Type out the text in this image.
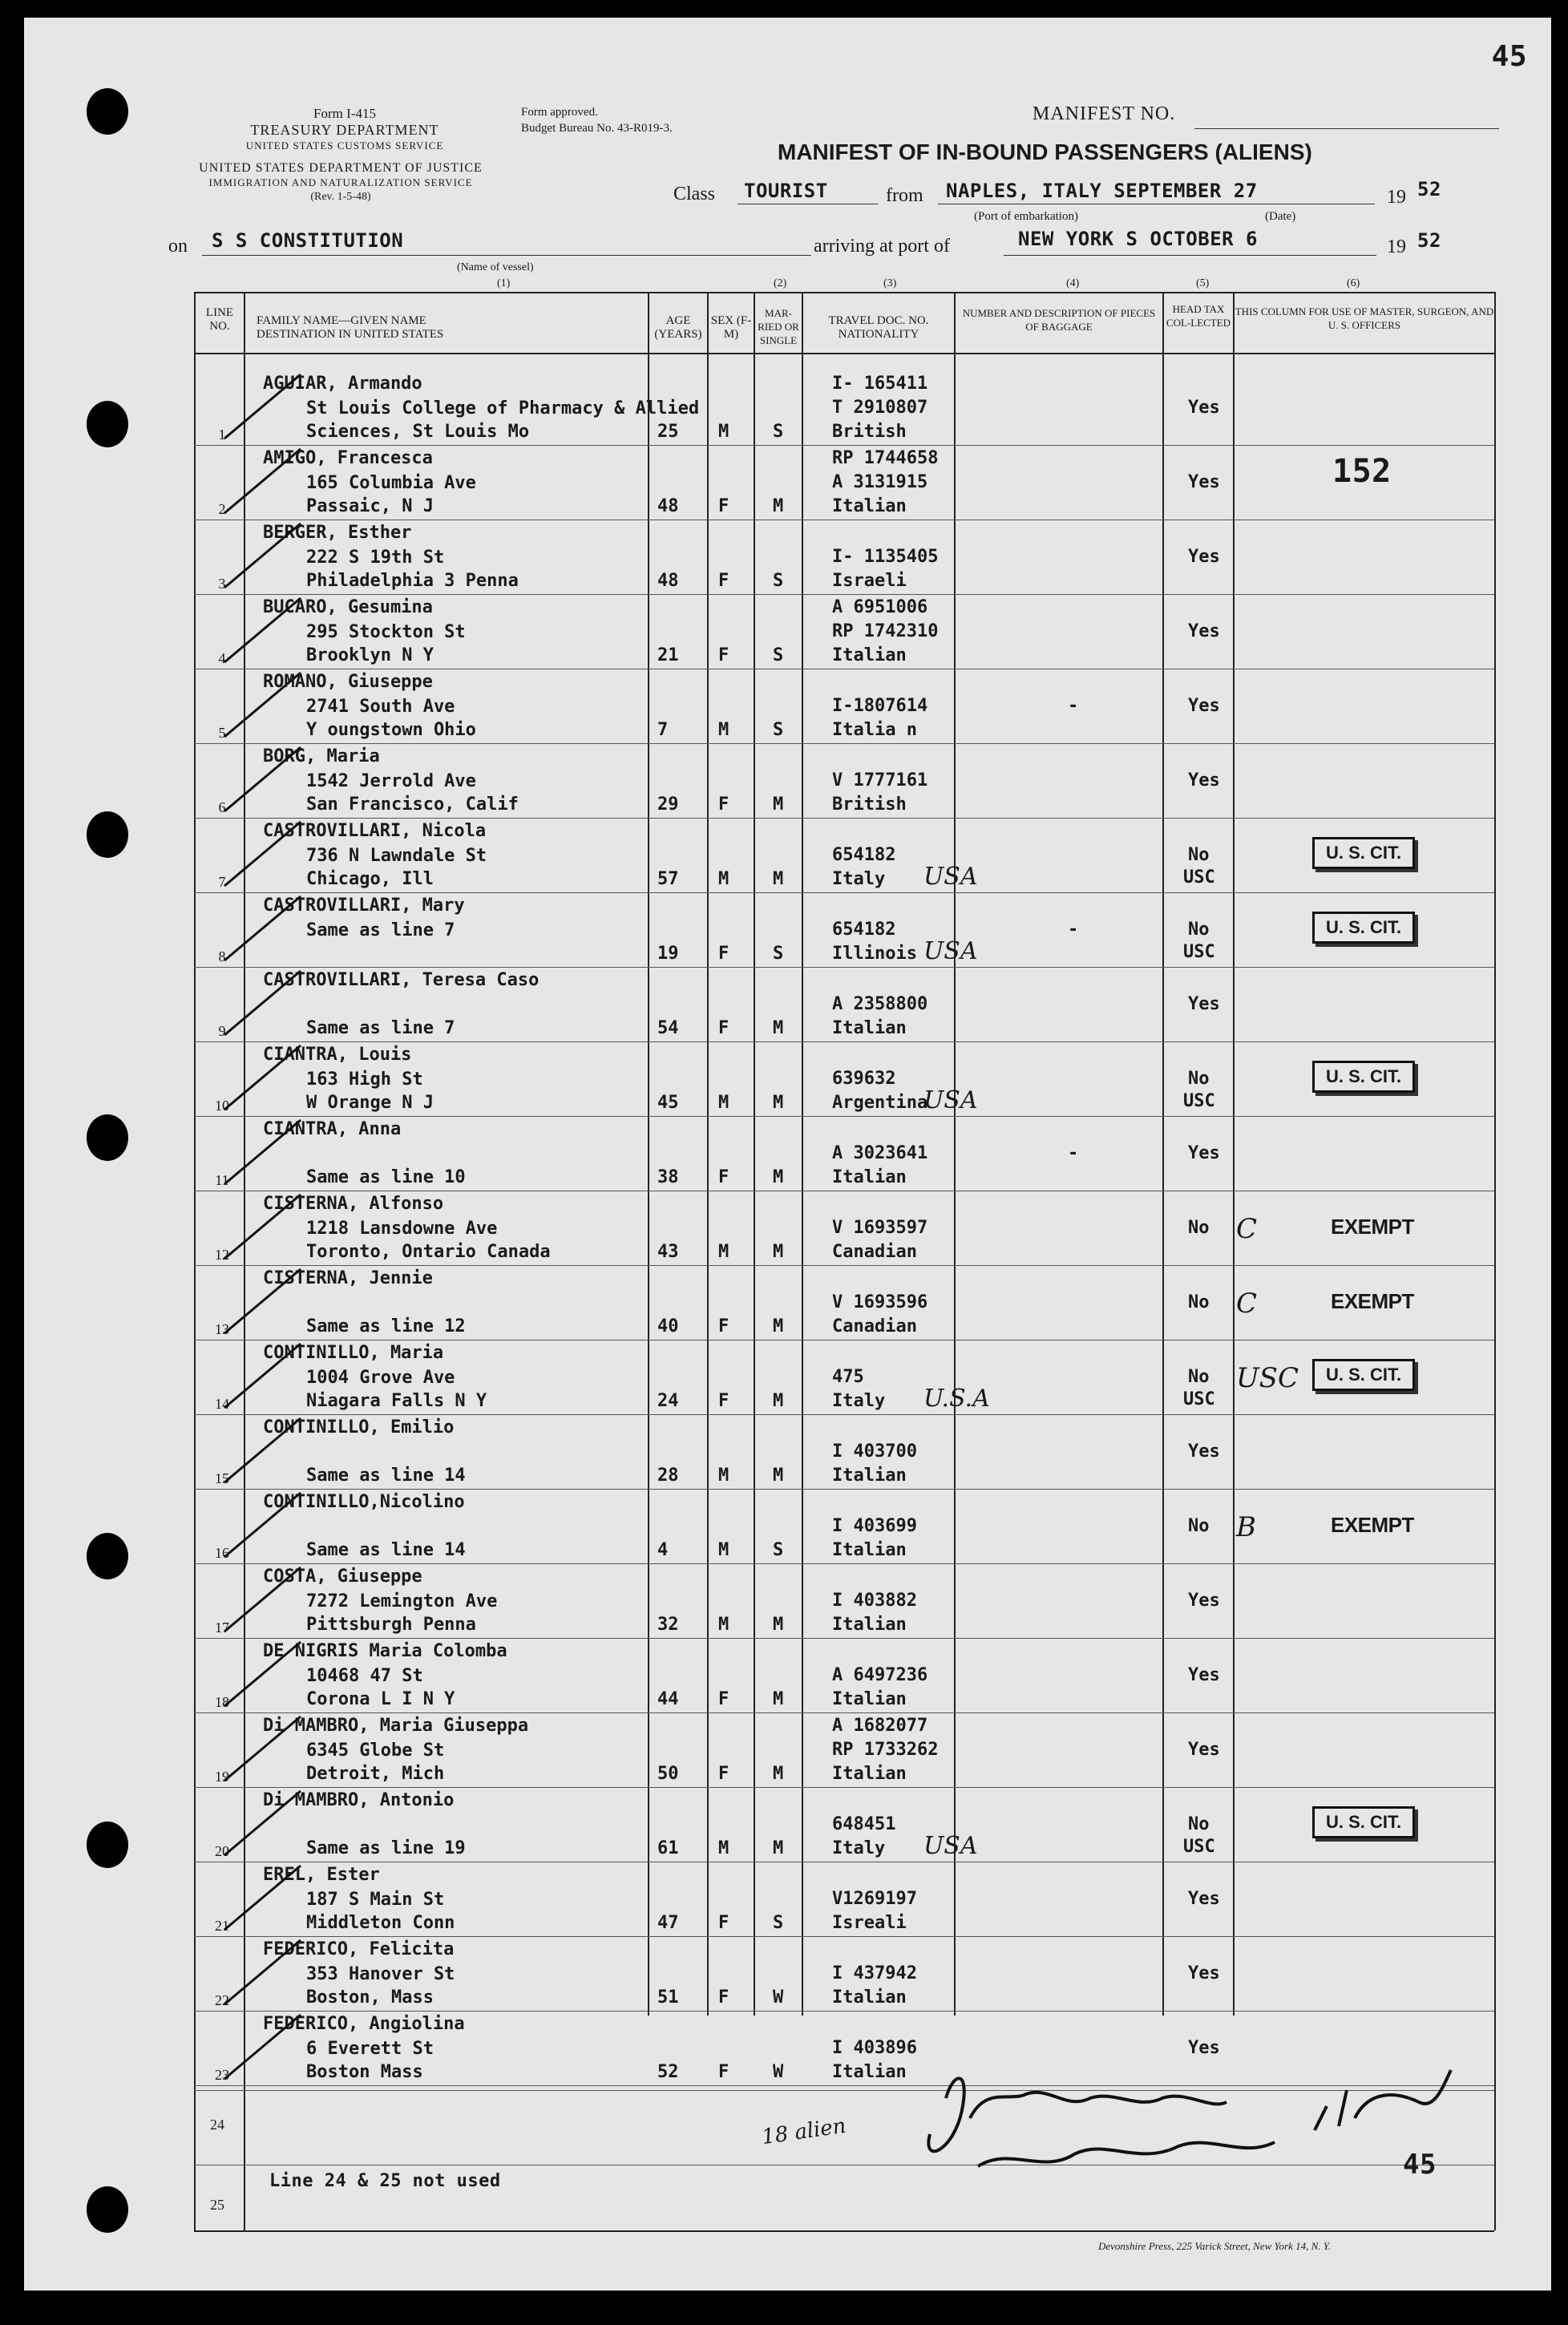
45
Form I-415
TREASURY DEPARTMENT
UNITED STATES CUSTOMS SERVICE
UNITED STATES DEPARTMENT OF JUSTICE
IMMIGRATION AND NATURALIZATION SERVICE
(Rev. 1-5-48)
Form approved.
Budget Bureau No. 43-R019-3.
MANIFEST NO.
MANIFEST OF IN-BOUND PASSENGERS (ALIENS)
Class TOURIST	from NAPLES, ITALY SEPTEMBER 27	19 52
(Port of embarkation)	(Date)
on S S CONSTITUTION	arriving at port of	NEW YORK S OCTOBER 6	19 52
(Name of vessel)
(1)	(2)	(3)	(4)	(5)	(6)
LINE NO.	FAMILY NAME—GIVEN NAME DESTINATION IN UNITED STATES
AGE (YEARS)
SEX (F-M)
MAR-RIED OR SINGLE
TRAVEL DOC. NO. NATIONALITY
NUMBER AND DESCRIPTION OF PIECES OF BAGGAGE
HEAD TAX COL-LECTED
THIS COLUMN FOR USE OF MASTER, SURGEON, AND U. S. OFFICERS
1
AGUIAR, Armando
St Louis College of Pharmacy & Allied
Sciences, St Louis Mo	25 M S
I- 165411
T 2910807
British
Yes
2
AMIGO, Francesca
165 Columbia Ave
Passaic, N J	48 F M
RP 1744658
A 3131915
Italian
Yes	152
3
BERGER, Esther
222 S 19th St
Philadelphia 3 Penna	48 F S
I- 1135405
Israeli
Yes
4
BUCARO, Gesumina
295 Stockton St
Brooklyn N Y	21 F S
A 6951006
RP 1742310
Italian
Yes
5
ROMANO, Giuseppe
2741 South Ave
Y oungstown Ohio	7	M S
I-1807614
Italia n
-	Yes
6
BORG, Maria
1542 Jerrold Ave
San Francisco, Calif	29 F M
V 1777161
British
Yes
7
CASTROVILLARI, Nicola
736 N Lawndale St
Chicago, Ill	57 M M
654182
Italy
No
USC
USA
U. S. CIT.
8
CASTROVILLARI, Mary
Same as line 7
19 F S
654182
Illinois
-	No
USC
USA
U. S. CIT.
9
CASTROVILLARI, Teresa Caso
Same as line 7	54 F M
A 2358800
Italian
Yes
10
CIANTRA, Louis
163 High St
W Orange N J	45 M M
639632
Argentina
No
USC
USA
U. S. CIT.
11
CIANTRA, Anna
Same as line 10	38 F M
A 3023641
Italian
-	Yes
12
CISTERNA, Alfonso
1218 Lansdowne Ave
Toronto, Ontario Canada	43 M M
V 1693597
Canadian
No C	EXEMPT
13
CISTERNA, Jennie
Same as line 12	40 F M
V 1693596
Canadian
No C	EXEMPT
14
CONTINILLO, Maria
1004 Grove Ave
Niagara Falls N Y	24 F M
475
Italy
No
USC
U.S.A
USC	U. S. CIT.
15
CONTINILLO, Emilio
Same as line 14	28 M M
I 403700
Italian
Yes
16
CONTINILLO,Nicolino
Same as line 14	4	M S
I 403699
Italian
No B	EXEMPT
17
COSTA, Giuseppe
7272 Lemington Ave
Pittsburgh Penna	32 M M
I 403882
Italian
Yes
18
DE NIGRIS Maria Colomba
10468 47 St
Corona L I N Y	44 F M
A 6497236
Italian
Yes
19
Di MAMBRO, Maria Giuseppa
6345 Globe St
Detroit, Mich	50 F M
A 1682077
RP 1733262
Italian
Yes
20
Di MAMBRO, Antonio
Same as line 19	61 M M
648451
Italy
No
USC
USA
U. S. CIT.
21
EREL, Ester
187 S Main St
Middleton Conn	47 F S
V1269197
Isreali
Yes
22
FEDERICO, Felicita
353 Hanover St
Boston, Mass	51 F W
I 437942
Italian
Yes
23
FEDERICO, Angiolina
6 Everett St
Boston Mass	52 F W
I 403896
Italian
Yes
24
25
Line 24 & 25 not used
18 alien
45
Devonshire Press, 225 Varick Street, New York 14, N. Y.
